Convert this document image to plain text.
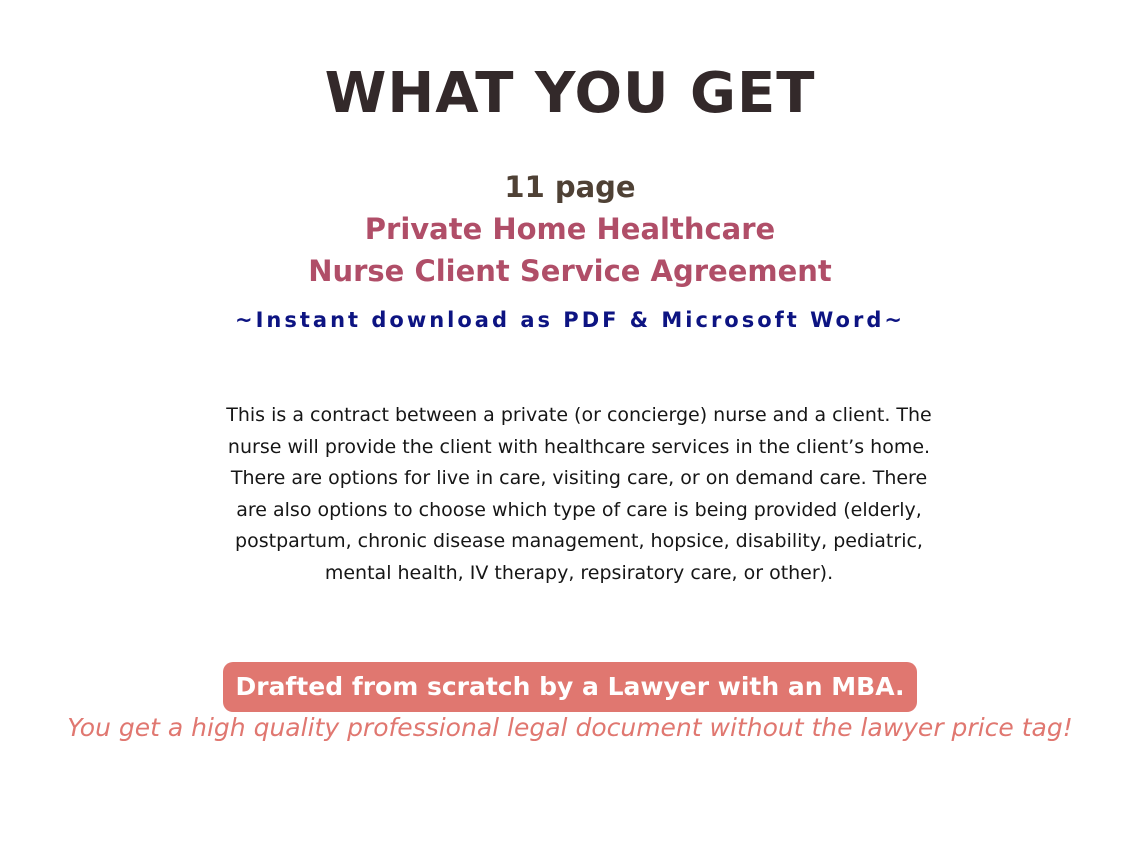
WHAT YOU GET
11 page
Private Home Healthcare
Nurse Client Service Agreement
~Instant download as PDF & Microsoft Word~
This is a contract between a private (or concierge) nurse and a client. The
nurse will provide the client with healthcare services in the client’s home.
There are options for live in care, visiting care, or on demand care. There
are also options to choose which type of care is being provided (elderly,
postpartum, chronic disease management, hopsice, disability, pediatric,
mental health, IV therapy, repsiratory care, or other).
Drafted from scratch by a Lawyer with an MBA.
You get a high quality professional legal document without the lawyer price tag!
